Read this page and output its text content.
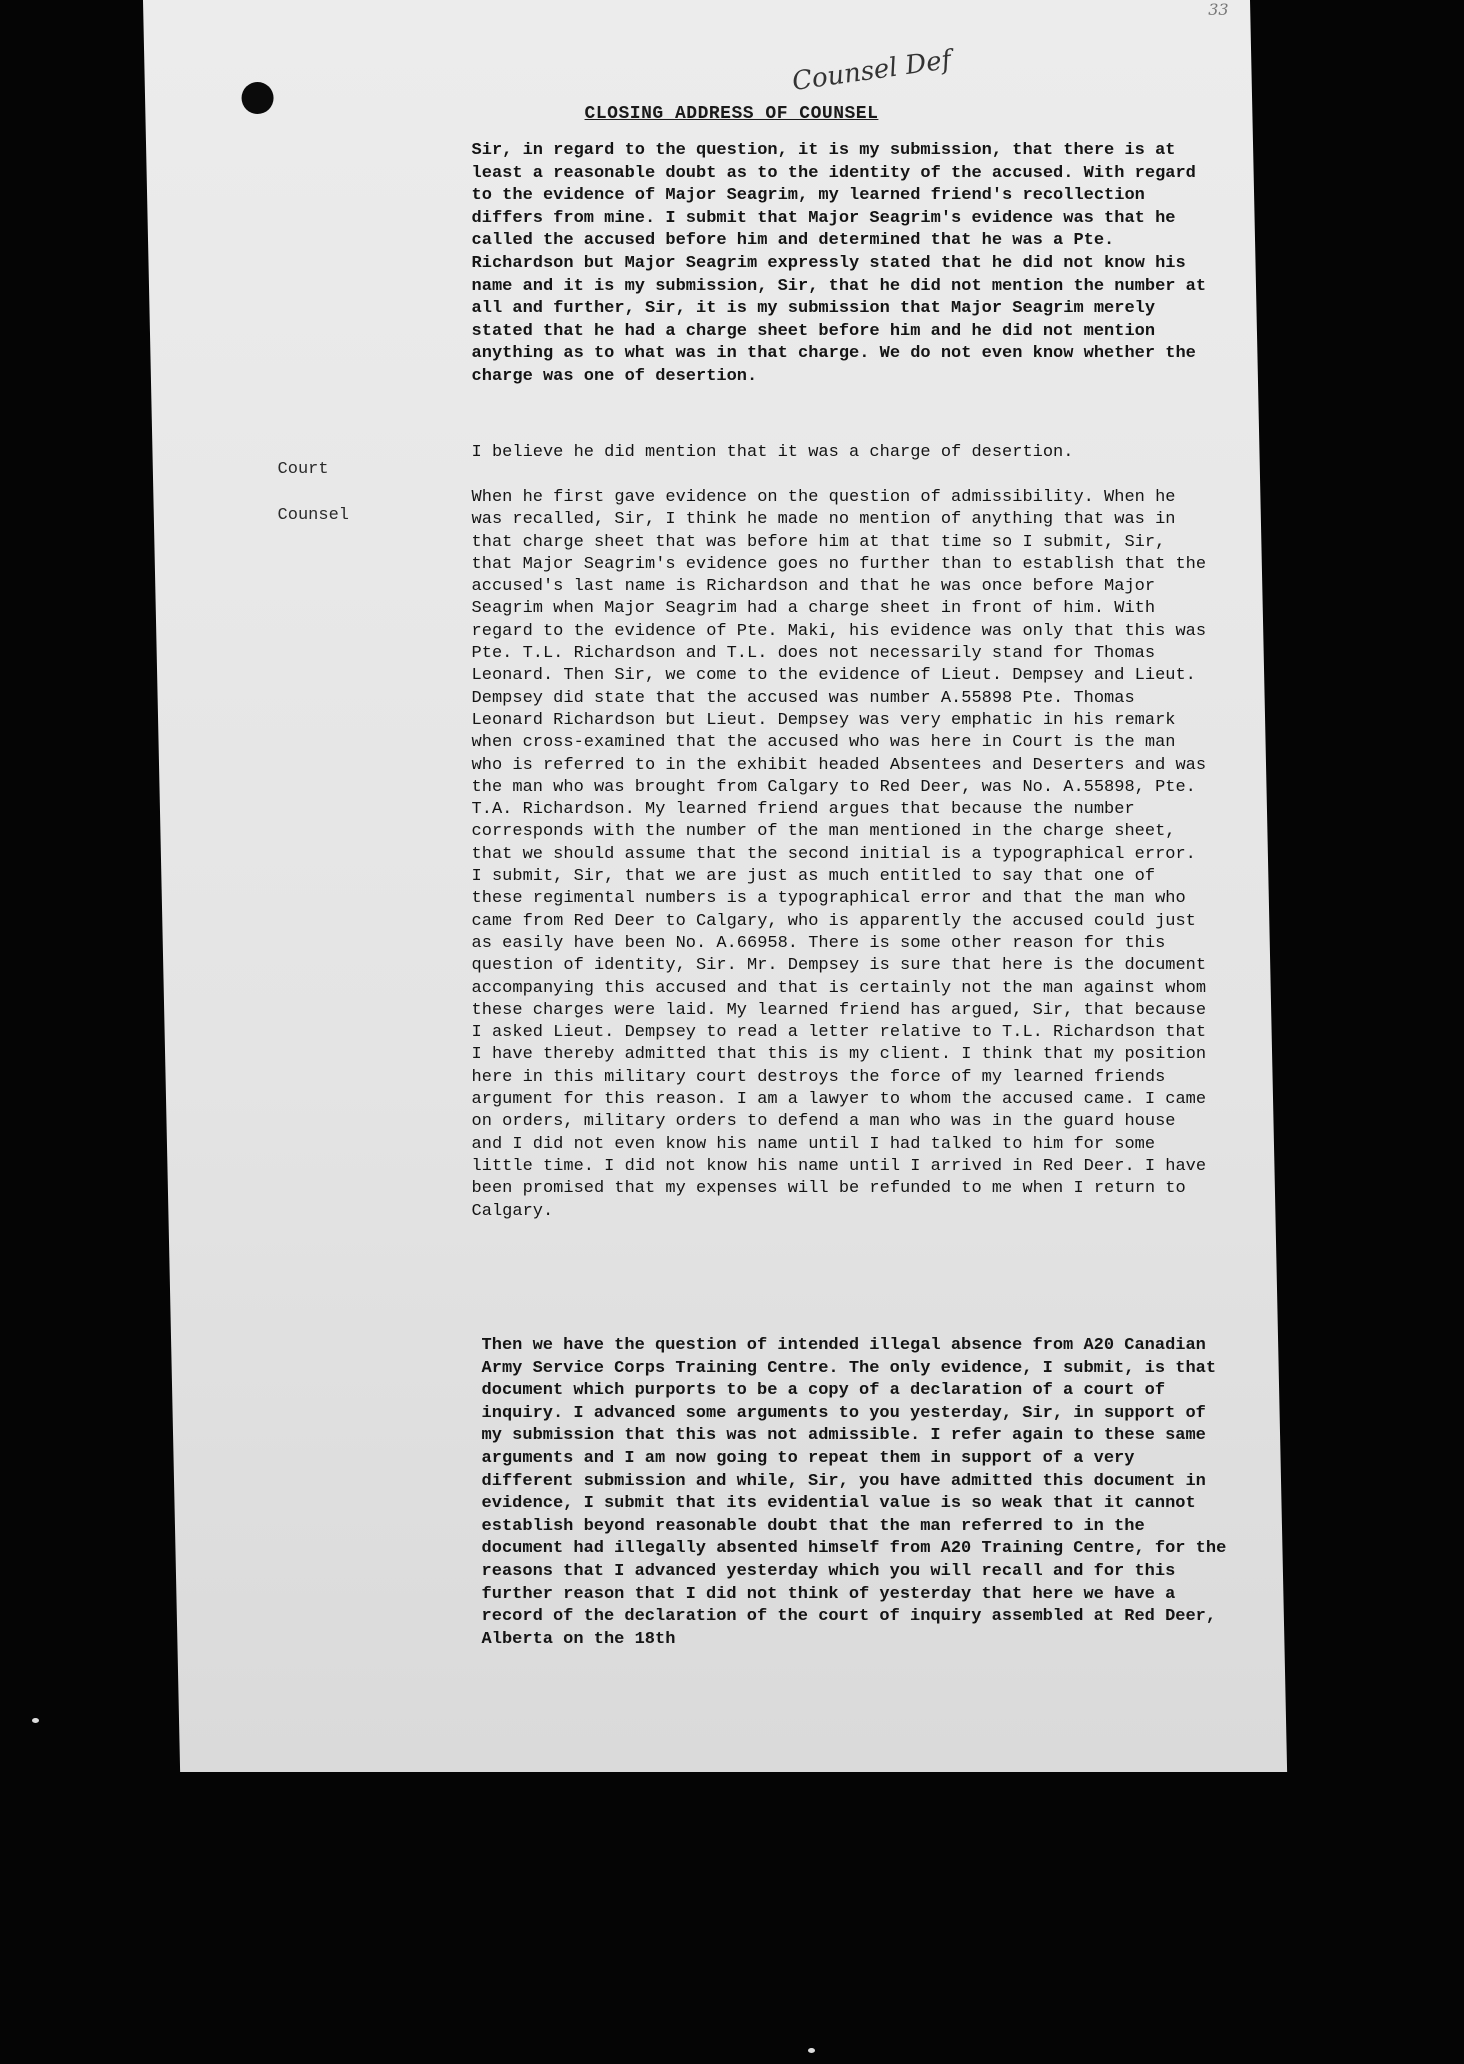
33
Counsel Def
CLOSING ADDRESS OF COUNSEL
Sir, in regard to the question, it is my submission, that there is at least a reasonable doubt as to the identity of the accused. With regard to the evidence of Major Seagrim, my learned friend's recollection differs from mine. I submit that Major Seagrim's evidence was that he called the accused before him and determined that he was a Pte. Richardson but Major Seagrim expressly stated that he did not know his name and it is my submission, Sir, that he did not mention the number at all and further, Sir, it is my submission that Major Seagrim merely stated that he had a charge sheet before him and he did not mention anything as to what was in that charge. We do not even know whether the charge was one of desertion.
Court
I believe he did mention that it was a charge of desertion.
Counsel
When he first gave evidence on the question of admissibility. When he was recalled, Sir, I think he made no mention of anything that was in that charge sheet that was before him at that time so I submit, Sir, that Major Seagrim's evidence goes no further than to establish that the accused's last name is Richardson and that he was once before Major Seagrim when Major Seagrim had a charge sheet in front of him. With regard to the evidence of Pte. Maki, his evidence was only that this was Pte. T.L. Richardson and T.L. does not necessarily stand for Thomas Leonard. Then Sir, we come to the evidence of Lieut. Dempsey and Lieut. Dempsey did state that the accused was number A.55898 Pte. Thomas Leonard Richardson but Lieut. Dempsey was very emphatic in his remark when cross-examined that the accused who was here in Court is the man who is referred to in the exhibit headed Absentees and Deserters and was the man who was brought from Calgary to Red Deer, was No. A.55898, Pte. T.A. Richardson. My learned friend argues that because the number corresponds with the number of the man mentioned in the charge sheet, that we should assume that the second initial is a typographical error. I submit, Sir, that we are just as much entitled to say that one of these regimental numbers is a typographical error and that the man who came from Red Deer to Calgary, who is apparently the accused could just as easily have been No. A.66958. There is some other reason for this question of identity, Sir. Mr. Dempsey is sure that here is the document accompanying this accused and that is certainly not the man against whom these charges were laid. My learned friend has argued, Sir, that because I asked Lieut. Dempsey to read a letter relative to T.L. Richardson that I have thereby admitted that this is my client. I think that my position here in this military court destroys the force of my learned friends argument for this reason. I am a lawyer to whom the accused came. I came on orders, military orders to defend a man who was in the guard house and I did not even know his name until I had talked to him for some little time. I did not know his name until I arrived in Red Deer. I have been promised that my expenses will be refunded to me when I return to Calgary.
Then we have the question of intended illegal absence from A20 Canadian Army Service Corps Training Centre. The only evidence, I submit, is that document which purports to be a copy of a declaration of a court of inquiry. I advanced some arguments to you yesterday, Sir, in support of my submission that this was not admissible. I refer again to these same arguments and I am now going to repeat them in support of a very different submission and while, Sir, you have admitted this document in evidence, I submit that its evidential value is so weak that it cannot establish beyond reasonable doubt that the man referred to in the document had illegally absented himself from A20 Training Centre, for the reasons that I advanced yesterday which you will recall and for this further reason that I did not think of yesterday that here we have a record of the declaration of the court of inquiry assembled at Red Deer, Alberta on the 18th
